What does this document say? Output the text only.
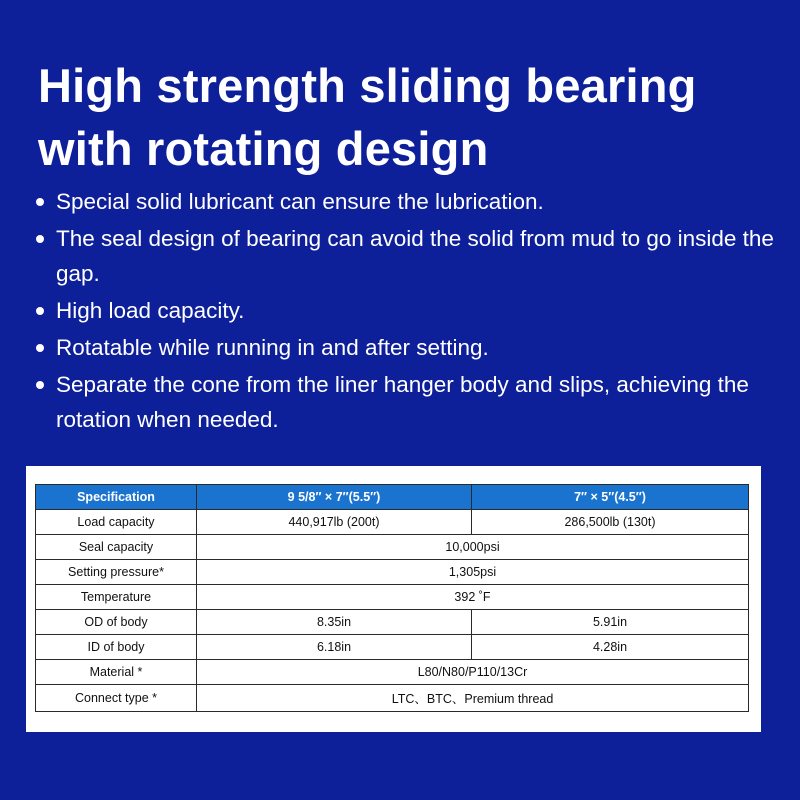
High strength sliding bearing with rotating design
Special solid lubricant can ensure the lubrication.
The seal design of bearing can avoid the solid from mud to go inside the gap.
High load capacity.
Rotatable while running in and after setting.
Separate the cone from the liner hanger body and slips, achieving the rotation when needed.
Specification	9 5/8″ × 7″(5.5″)	7″ × 5″(4.5″)
Load capacity	440,917lb (200t)	286,500lb (130t)
Seal capacity	10,000psi	
Setting pressure*	1,305psi	
Temperature	392 ˚F	
OD of body	8.35in	5.91in
ID of body	6.18in	4.28in
Material *	L80/N80/P110/13Cr	
Connect type *	LTC、BTC、Premium thread	
